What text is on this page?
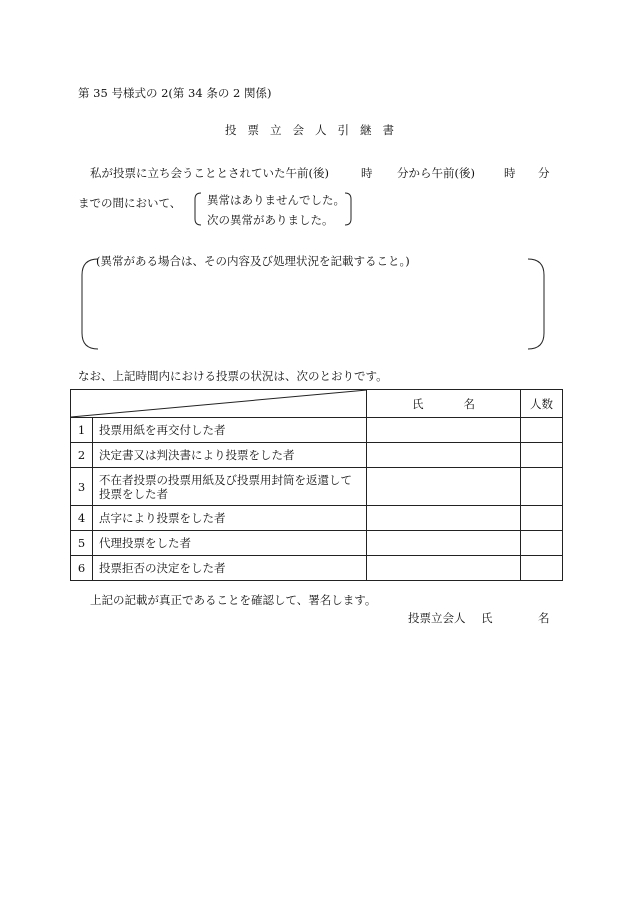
第 35 号様式の 2(第 34 条の 2 関係)
投票立会人引継書
私が投票に立ち会うこととされていた午前(後)	時 分から午前(後)	時 分
までの間において、 異常はありませんでした。
次の異常がありました。
(異常がある場合は、その内容及び処理状況を記載すること。)
なお、上記時間内における投票の状況は、次のとおりです。
	氏名	人数
1	投票用紙を再交付した者		
2	決定書又は判決書により投票をした者		
3	不在者投票の投票用紙及び投票用封筒を返還して
投票をした者		

4	点字により投票をした者		
5	代理投票をした者		
6	投票拒否の決定をした者		
上記の記載が真正であることを確認して、署名します。
投票立会人 氏	名
